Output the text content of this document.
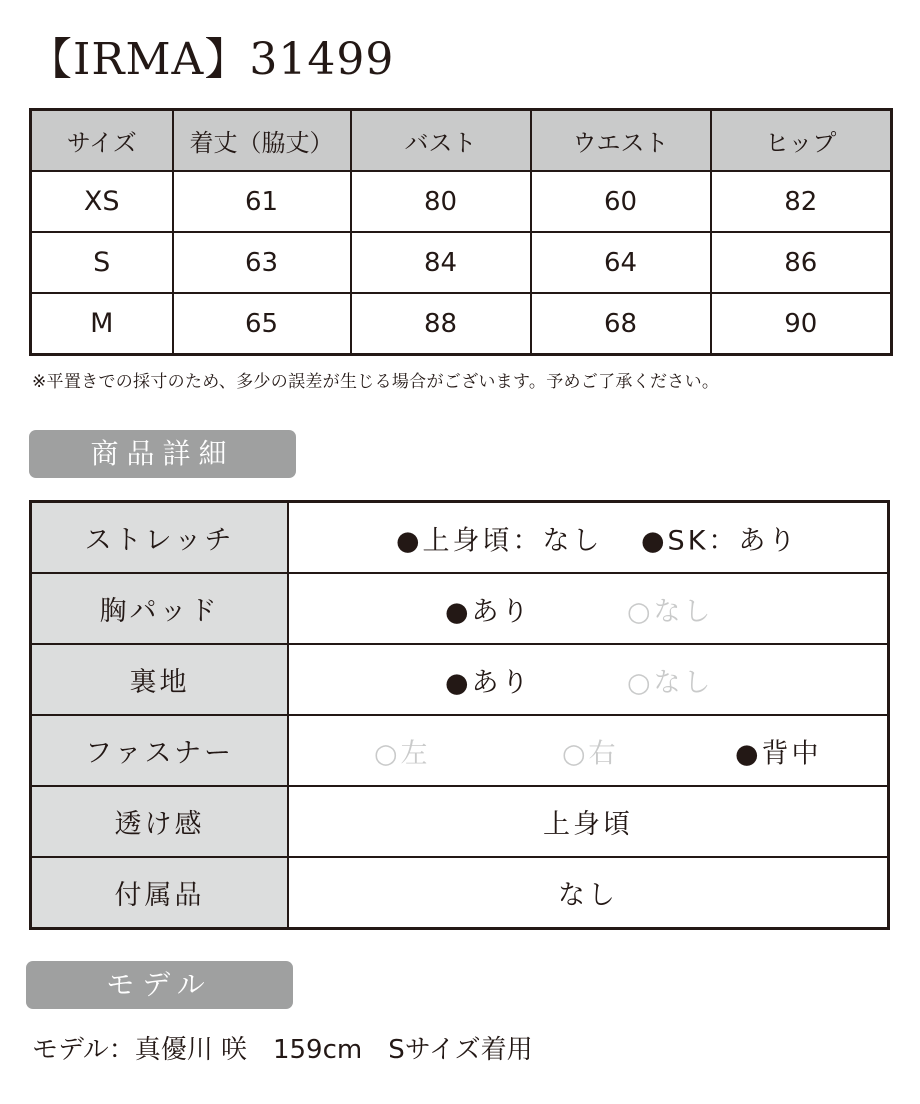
【IRMA】31499
サイズ	着丈（脇丈）	バスト	ウエスト	ヒップ
XS	61	80	60	82
S	63	84	64	86
M	65	88	68	90
※平置きでの採寸のため、多少の誤差が生じる場合がございます。予めご了承ください。
商品詳細
ストレッチ	●上身頃：なし ●SK：あり

胸パッド	●あり ○なし

裏地	●あり ○なし

ファスナー	○左 ○右 ●背中

透け感	上身頃
付属品	なし
モデル
モデル：真優川 咲　159cm　Sサイズ着用
